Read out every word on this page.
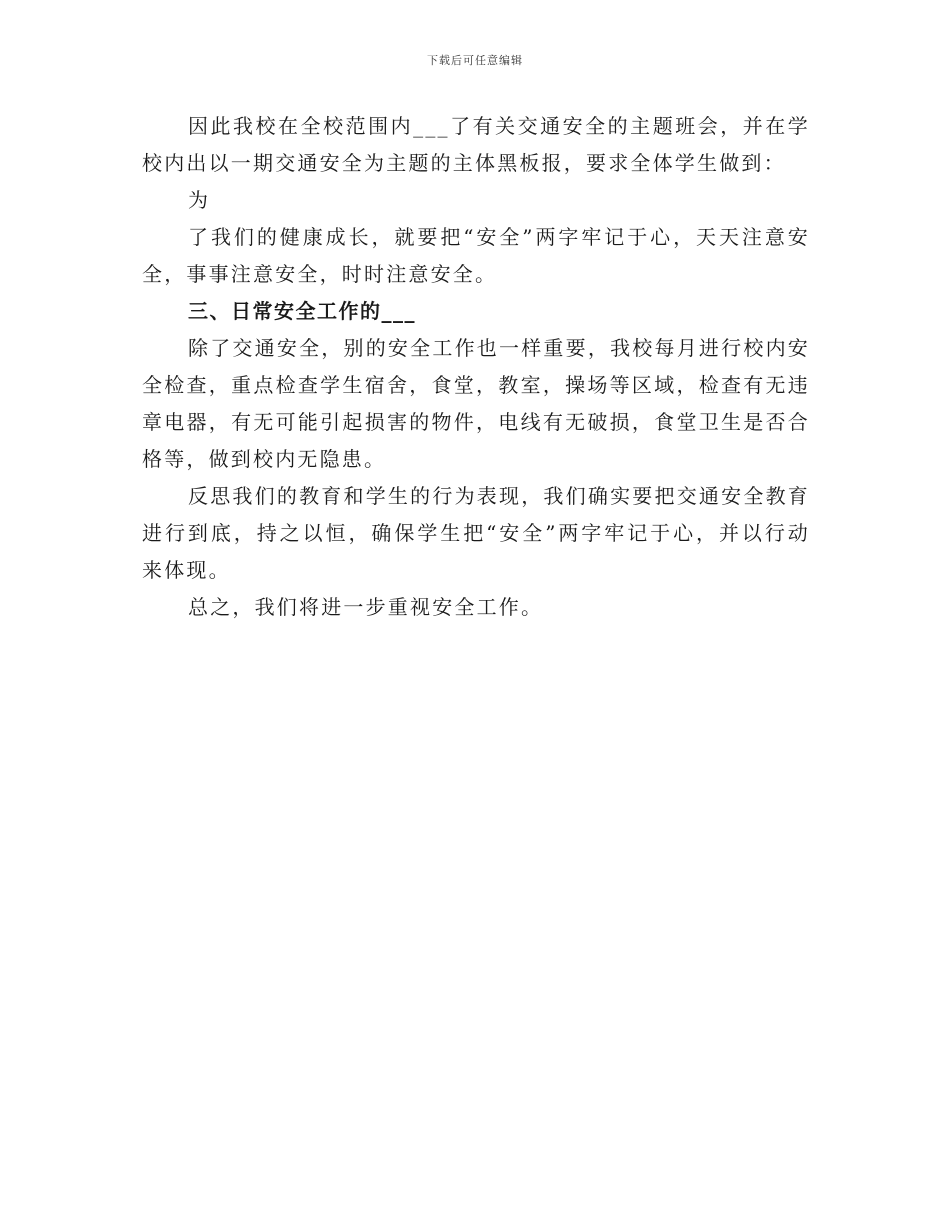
下载后可任意编辑

因此我校在全校范围内___了有关交通安全的主题班会，并在学校内出以一期交通安全为主题的主体黑板报，要求全体学生做到：

为

了我们的健康成长，就要把“安全”两字牢记于心，天天注意安全，事事注意安全，时时注意安全。

三、日常安全工作的___

除了交通安全，别的安全工作也一样重要，我校每月进行校内安全检查，重点检查学生宿舍，食堂，教室，操场等区域，检查有无违章电器，有无可能引起损害的物件，电线有无破损，食堂卫生是否合格等，做到校内无隐患。

反思我们的教育和学生的行为表现，我们确实要把交通安全教育进行到底，持之以恒，确保学生把“安全”两字牢记于心，并以行动来体现。

总之，我们将进一步重视安全工作。
